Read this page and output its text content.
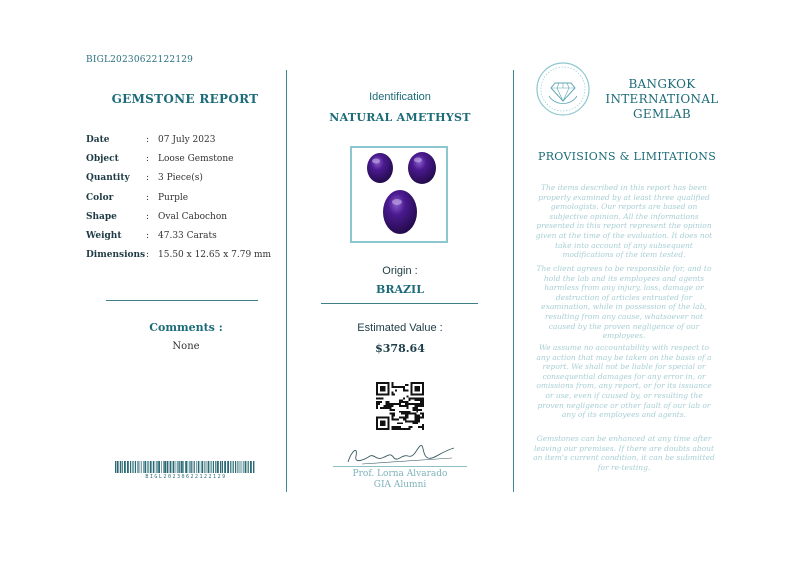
BIGL20230622122129
GEMSTONE REPORT
Date	: 07 July 2023
Object	: Loose Gemstone
Quantity	: 3 Piece(s)
Color	: Purple
Shape	: Oval Cabochon
Weight	: 47.33 Carats
Dimensions : 15.50 x 12.65 x 7.79 mm
Comments :
None
BIGL20230622122129
Identification
NATURAL AMETHYST
Origin :
BRAZIL
Estimated Value :
$378.64
Prof. Lorna Alvarado
GIA Alumni
BANGKOK
INTERNATIONAL
GEMLAB
PROVISIONS & LIMITATIONS
The items described in this report has been properly examined by at least three qualified gemologists. Our reports are based on subjective opinion. All the informations presented in this report represent the opinion given at the time of the evaluation. It does not take into account of any subsequent modifications of the item tested.
The client agrees to be responsible for, and to hold the lab and its employees and agents harmless from any injury, loss, damage or destruction of articles entrusted for examination, while in possession of the lab, resulting from any cause, whatsoever not caused by the proven negligence of our employees.
We assume no accountability with respect to any action that may be taken on the basis of a report. We shall not be liable for special or consequential damages for any error in, or omissions from, any report, or for its issuance or use, even if caused by, or resulting the proven negligence or other fault of our lab or any of its employees and agents.
Gemstones can be enhanced at any time after leaving our premises. If there are doubts about an item's current condition, it can be submitted for re-testing.
